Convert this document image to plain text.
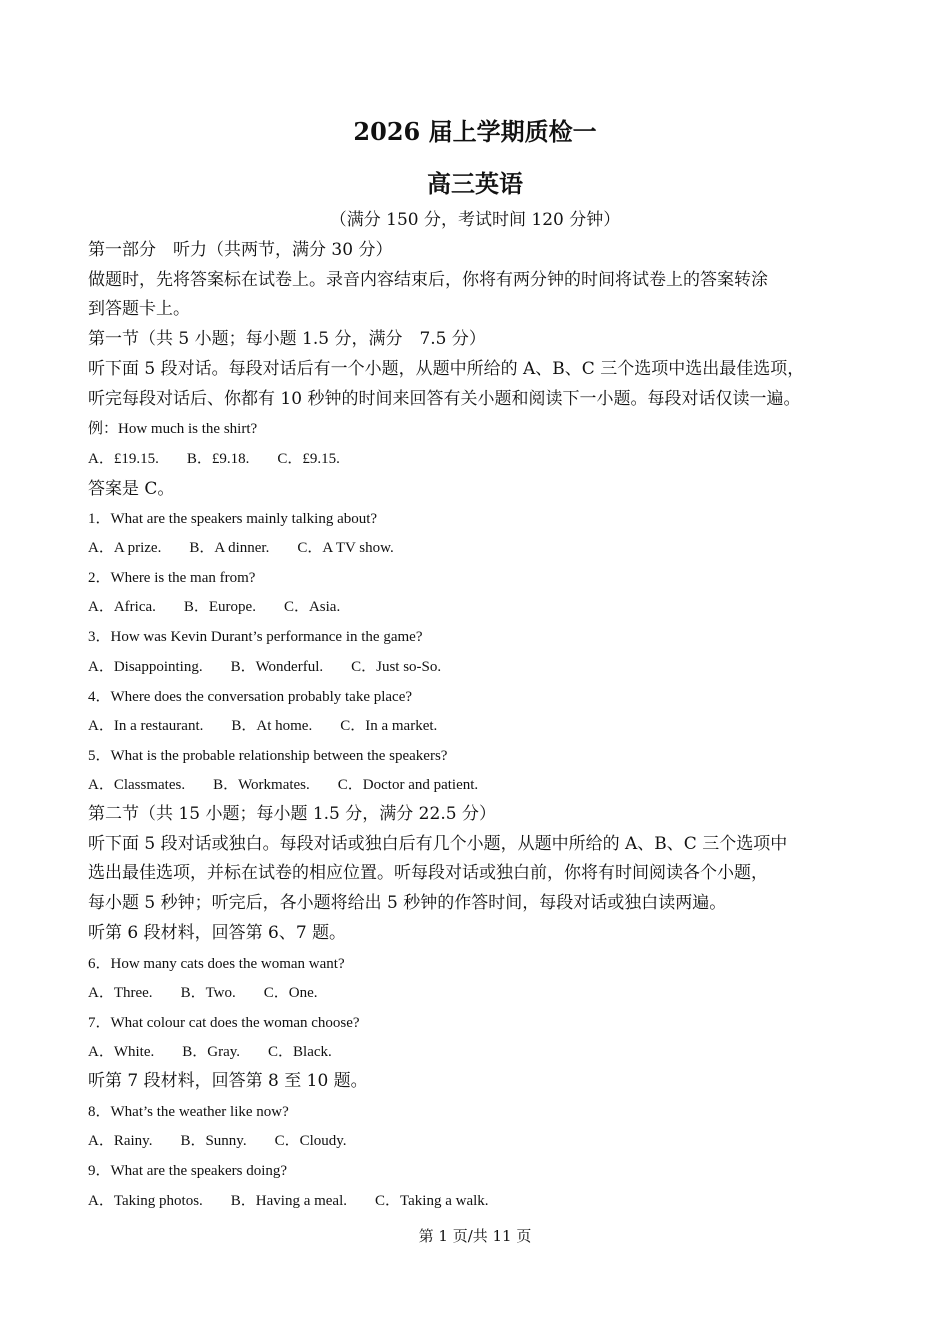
2026 届上学期质检一
高三英语
（满分 150 分，考试时间 120 分钟）
第一部分　听力（共两节，满分 30 分）
做题时，先将答案标在试卷上。录音内容结束后，你将有两分钟的时间将试卷上的答案转涂
到答题卡上。
第一节（共 5 小题；每小题 1.5 分，满分　7.5 分）
听下面 5 段对话。每段对话后有一个小题，从题中所给的 A、B、C 三个选项中选出最佳选项，
听完每段对话后、你都有 10 秒钟的时间来回答有关小题和阅读下一小题。每段对话仅读一遍。
例：How much is the shirt?
A．£19.15. B．£9.18. C．£9.15.
答案是 C。
1．What are the speakers mainly talking about?
A．A prize. B．A dinner. C．A TV show.
2．Where is the man from?
A．Africa. B．Europe. C．Asia.
3．How was Kevin Durant’s performance in the game?
A．Disappointing. B．Wonderful. C．Just so-So.
4．Where does the conversation probably take place?
A．In a restaurant. B．At home. C．In a market.
5．What is the probable relationship between the speakers?
A．Classmates. B．Workmates. C．Doctor and patient.
第二节（共 15 小题；每小题 1.5 分，满分 22.5 分）
听下面 5 段对话或独白。每段对话或独白后有几个小题，从题中所给的 A、B、C 三个选项中
选出最佳选项，并标在试卷的相应位置。听每段对话或独白前，你将有时间阅读各个小题，
每小题 5 秒钟；听完后，各小题将给出 5 秒钟的作答时间，每段对话或独白读两遍。
听第 6 段材料，回答第 6、7 题。
6．How many cats does the woman want?
A．Three. B．Two. C．One.
7．What colour cat does the woman choose?
A．White. B．Gray. C．Black.
听第 7 段材料，回答第 8 至 10 题。
8．What’s the weather like now?
A．Rainy. B．Sunny. C．Cloudy.
9．What are the speakers doing?
A．Taking photos. B．Having a meal. C．Taking a walk.
第 1 页/共 11 页
